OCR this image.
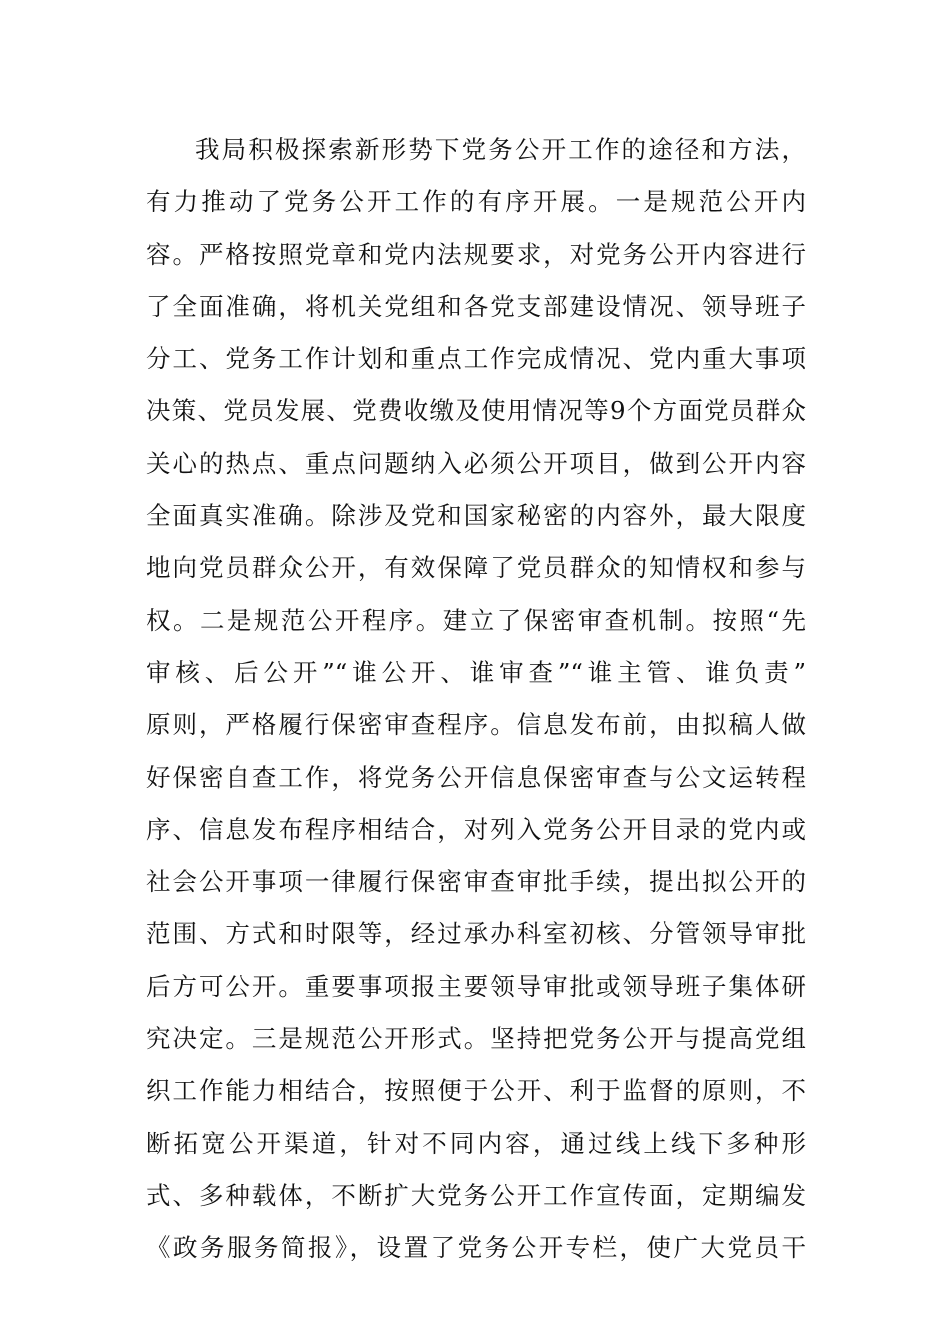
我局积极探索新形势下党务公开工作的途径和方法，
有力推动了党务公开工作的有序开展。一是规范公开内
容。严格按照党章和党内法规要求，对党务公开内容进行
了全面准确，将机关党组和各党支部建设情况、领导班子
分工、党务工作计划和重点工作完成情况、党内重大事项
决策、党员发展、党费收缴及使用情况等9个方面党员群众
关心的热点、重点问题纳入必须公开项目，做到公开内容
全面真实准确。除涉及党和国家秘密的内容外，最大限度
地向党员群众公开，有效保障了党员群众的知情权和参与
权。二是规范公开程序。建立了保密审查机制。按照“先
审核、后公开”“谁公开、谁审查”“谁主管、谁负责”
原则，严格履行保密审查程序。信息发布前，由拟稿人做
好保密自查工作，将党务公开信息保密审查与公文运转程
序、信息发布程序相结合，对列入党务公开目录的党内或
社会公开事项一律履行保密审查审批手续，提出拟公开的
范围、方式和时限等，经过承办科室初核、分管领导审批
后方可公开。重要事项报主要领导审批或领导班子集体研
究决定。三是规范公开形式。坚持把党务公开与提高党组
织工作能力相结合，按照便于公开、利于监督的原则，不
断拓宽公开渠道，针对不同内容，通过线上线下多种形
式、多种载体，不断扩大党务公开工作宣传面，定期编发
《政务服务简报》，设置了党务公开专栏，使广大党员干
